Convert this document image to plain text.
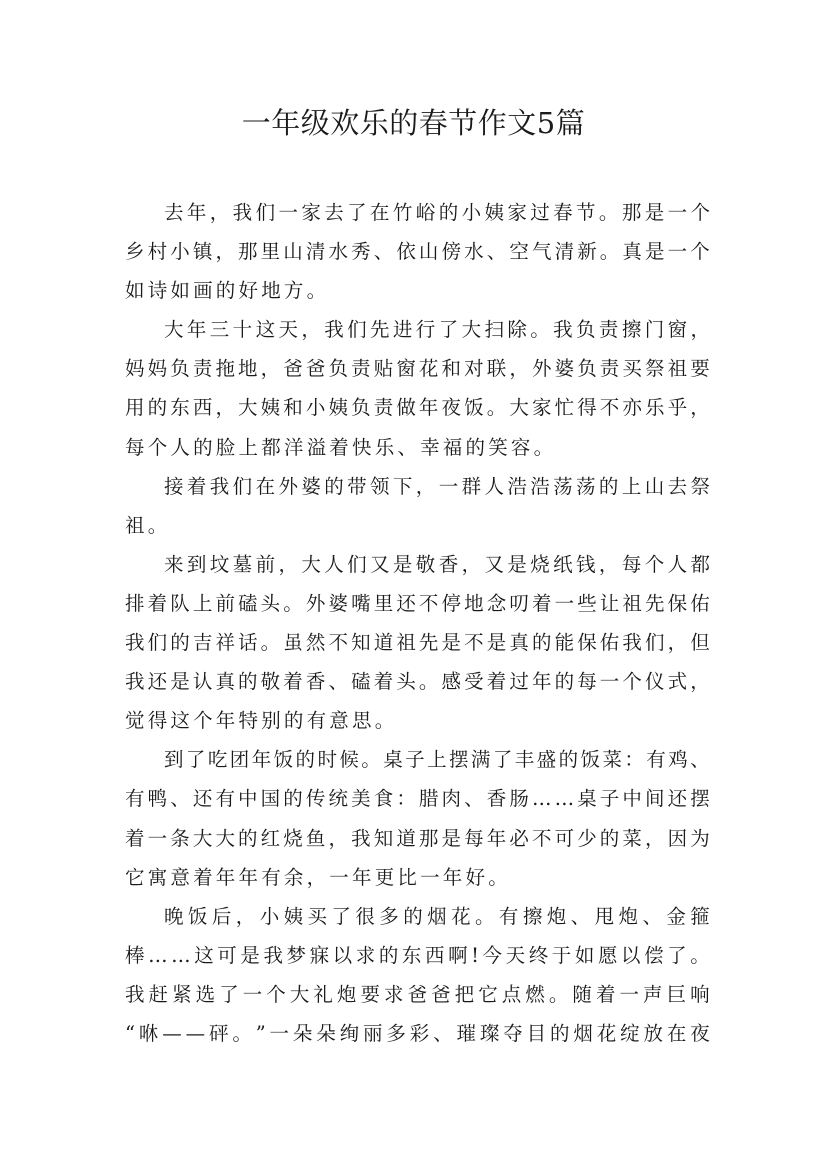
一年级欢乐的春节作文5篇
去 年 ， 我 们 一 家 去 了 在 竹 峪 的 小 姨 家 过 春 节 。 那 是 一 个
乡 村 小 镇 ， 那 里 山 清 水 秀 、 依 山 傍 水 、 空 气 清 新 。 真 是 一 个
如诗如画的好地方。
大 年 三 十 这 天 ， 我 们 先 进 行 了 大 扫 除 。 我 负 责 擦 门 窗 ，
妈 妈 负 责 拖 地 ， 爸 爸 负 责 贴 窗 花 和 对 联 ， 外 婆 负 责 买 祭 祖 要
用 的 东 西 ， 大 姨 和 小 姨 负 责 做 年 夜 饭 。 大 家 忙 得 不 亦 乐 乎 ，
每个人的脸上都洋溢着快乐、幸福的笑容。
接 着 我 们 在 外 婆 的 带 领 下 ， 一 群 人 浩 浩 荡 荡 的 上 山 去 祭
祖。
来 到 坟 墓 前 ， 大 人 们 又 是 敬 香 ， 又 是 烧 纸 钱 ， 每 个 人 都
排 着 队 上 前 磕 头 。 外 婆 嘴 里 还 不 停 地 念 叨 着 一 些 让 祖 先 保 佑
我 们 的 吉 祥 话 。 虽 然 不 知 道 祖 先 是 不 是 真 的 能 保 佑 我 们 ， 但
我 还 是 认 真 的 敬 着 香 、 磕 着 头 。 感 受 着 过 年 的 每 一 个 仪 式 ，
觉得这个年特别的有意思。
到 了 吃 团 年 饭 的 时 候 。 桌 子 上 摆 满 了 丰 盛 的 饭 菜 ： 有 鸡 、
有 鸭 、 还 有 中 国 的 传 统 美 食 ： 腊 肉 、 香 肠 … … 桌 子 中 间 还 摆
着 一 条 大 大 的 红 烧 鱼 ， 我 知 道 那 是 每 年 必 不 可 少 的 菜 ， 因 为
它寓意着年年有余，一年更比一年好。
晚 饭 后 ， 小 姨 买 了 很 多 的 烟 花 。 有 擦 炮 、 甩 炮 、 金 箍
棒 … … 这 可 是 我 梦 寐 以 求 的 东 西 啊 ! 今 天 终 于 如 愿 以 偿 了 。
我 赶 紧 选 了 一 个 大 礼 炮 要 求 爸 爸 把 它 点 燃 。 随 着 一 声 巨 响
“ 咻 — — 砰 。 ” 一 朵 朵 绚 丽 多 彩 、 璀 璨 夺 目 的 烟 花 绽 放 在 夜
